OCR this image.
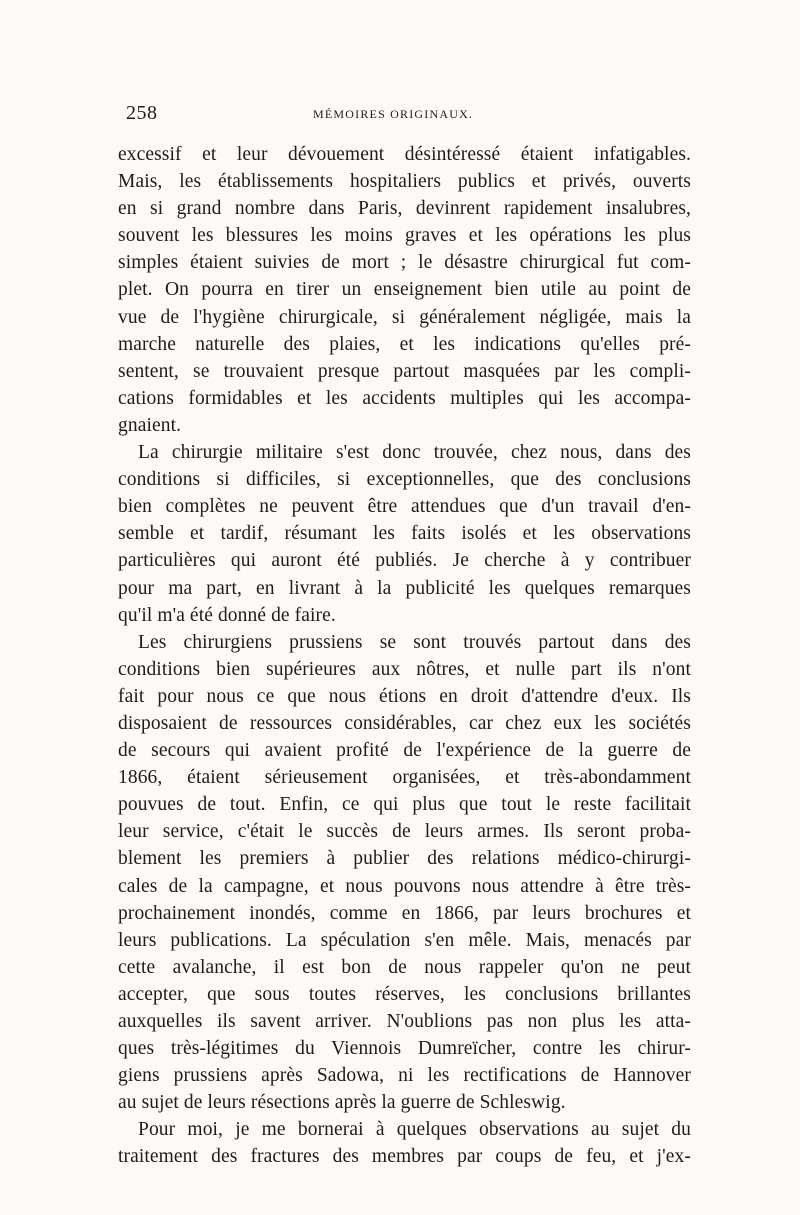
258	MÉMOIRES ORIGINAUX.
excessif et leur dévouement désintéressé étaient infatigables.
Mais, les établissements hospitaliers publics et privés, ouverts
en si grand nombre dans Paris, devinrent rapidement insalubres,
souvent les blessures les moins graves et les opérations les plus
simples étaient suivies de mort ; le désastre chirurgical fut com-
plet. On pourra en tirer un enseignement bien utile au point de
vue de l'hygiène chirurgicale, si généralement négligée, mais la
marche naturelle des plaies, et les indications qu'elles pré-
sentent, se trouvaient presque partout masquées par les compli-
cations formidables et les accidents multiples qui les accompa-
gnaient.
La chirurgie militaire s'est donc trouvée, chez nous, dans des
conditions si difficiles, si exceptionnelles, que des conclusions
bien complètes ne peuvent être attendues que d'un travail d'en-
semble et tardif, résumant les faits isolés et les observations
particulières qui auront été publiés. Je cherche à y contribuer
pour ma part, en livrant à la publicité les quelques remarques
qu'il m'a été donné de faire.
Les chirurgiens prussiens se sont trouvés partout dans des
conditions bien supérieures aux nôtres, et nulle part ils n'ont
fait pour nous ce que nous étions en droit d'attendre d'eux. Ils
disposaient de ressources considérables, car chez eux les sociétés
de secours qui avaient profité de l'expérience de la guerre de
1866, étaient sérieusement organisées, et très-abondamment
pouvues de tout. Enfin, ce qui plus que tout le reste facilitait
leur service, c'était le succès de leurs armes. Ils seront proba-
blement les premiers à publier des relations médico-chirurgi-
cales de la campagne, et nous pouvons nous attendre à être très-
prochainement inondés, comme en 1866, par leurs brochures et
leurs publications. La spéculation s'en mêle. Mais, menacés par
cette avalanche, il est bon de nous rappeler qu'on ne peut
accepter, que sous toutes réserves, les conclusions brillantes
auxquelles ils savent arriver. N'oublions pas non plus les atta-
ques très-légitimes du Viennois Dumreïcher, contre les chirur-
giens prussiens après Sadowa, ni les rectifications de Hannover
au sujet de leurs résections après la guerre de Schleswig.
Pour moi, je me bornerai à quelques observations au sujet du
traitement des fractures des membres par coups de feu, et j'ex-
